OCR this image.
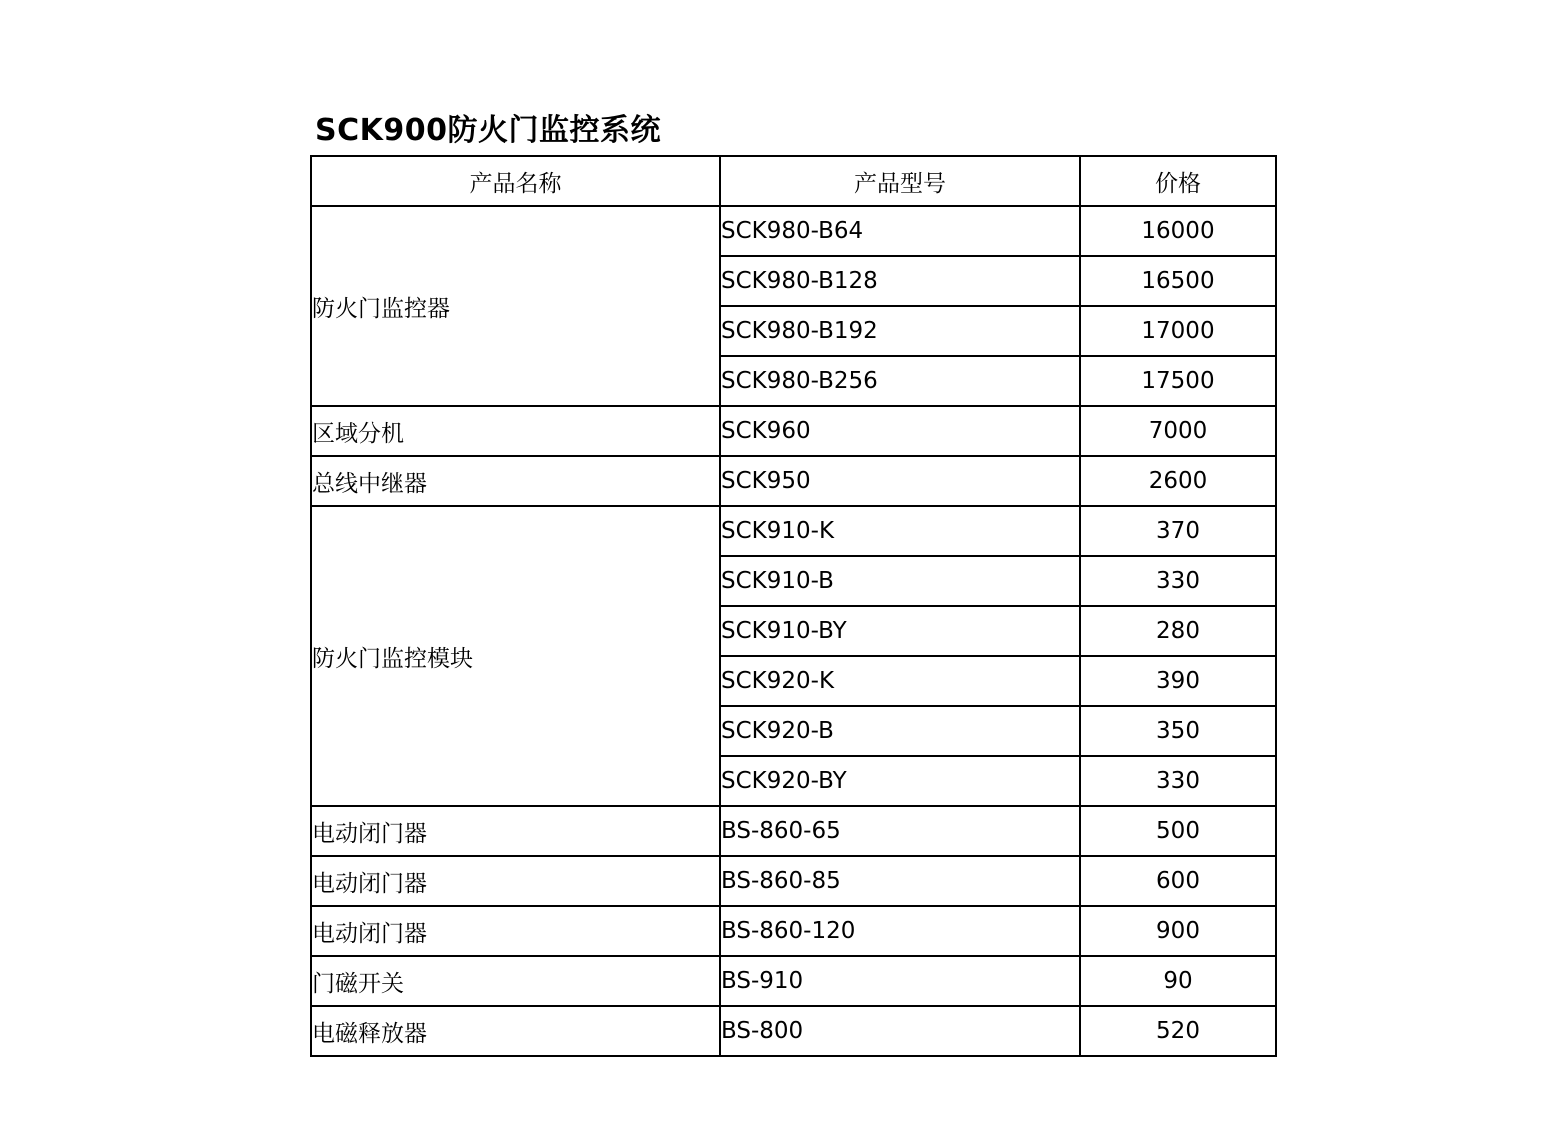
SCK900防火门监控系统
产品名称	产品型号	价格
防火门监控器	SCK980-B64	16000
	SCK980-B128	16500
	SCK980-B192	17000
	SCK980-B256	17500
区域分机	SCK960	7000
总线中继器	SCK950	2600
防火门监控模块	SCK910-K	370
	SCK910-B	330
	SCK910-BY	280
	SCK920-K	390
	SCK920-B	350
	SCK920-BY	330
电动闭门器	BS-860-65	500
电动闭门器	BS-860-85	600
电动闭门器	BS-860-120	900
门磁开关	BS-910	90
电磁释放器	BS-800	520
